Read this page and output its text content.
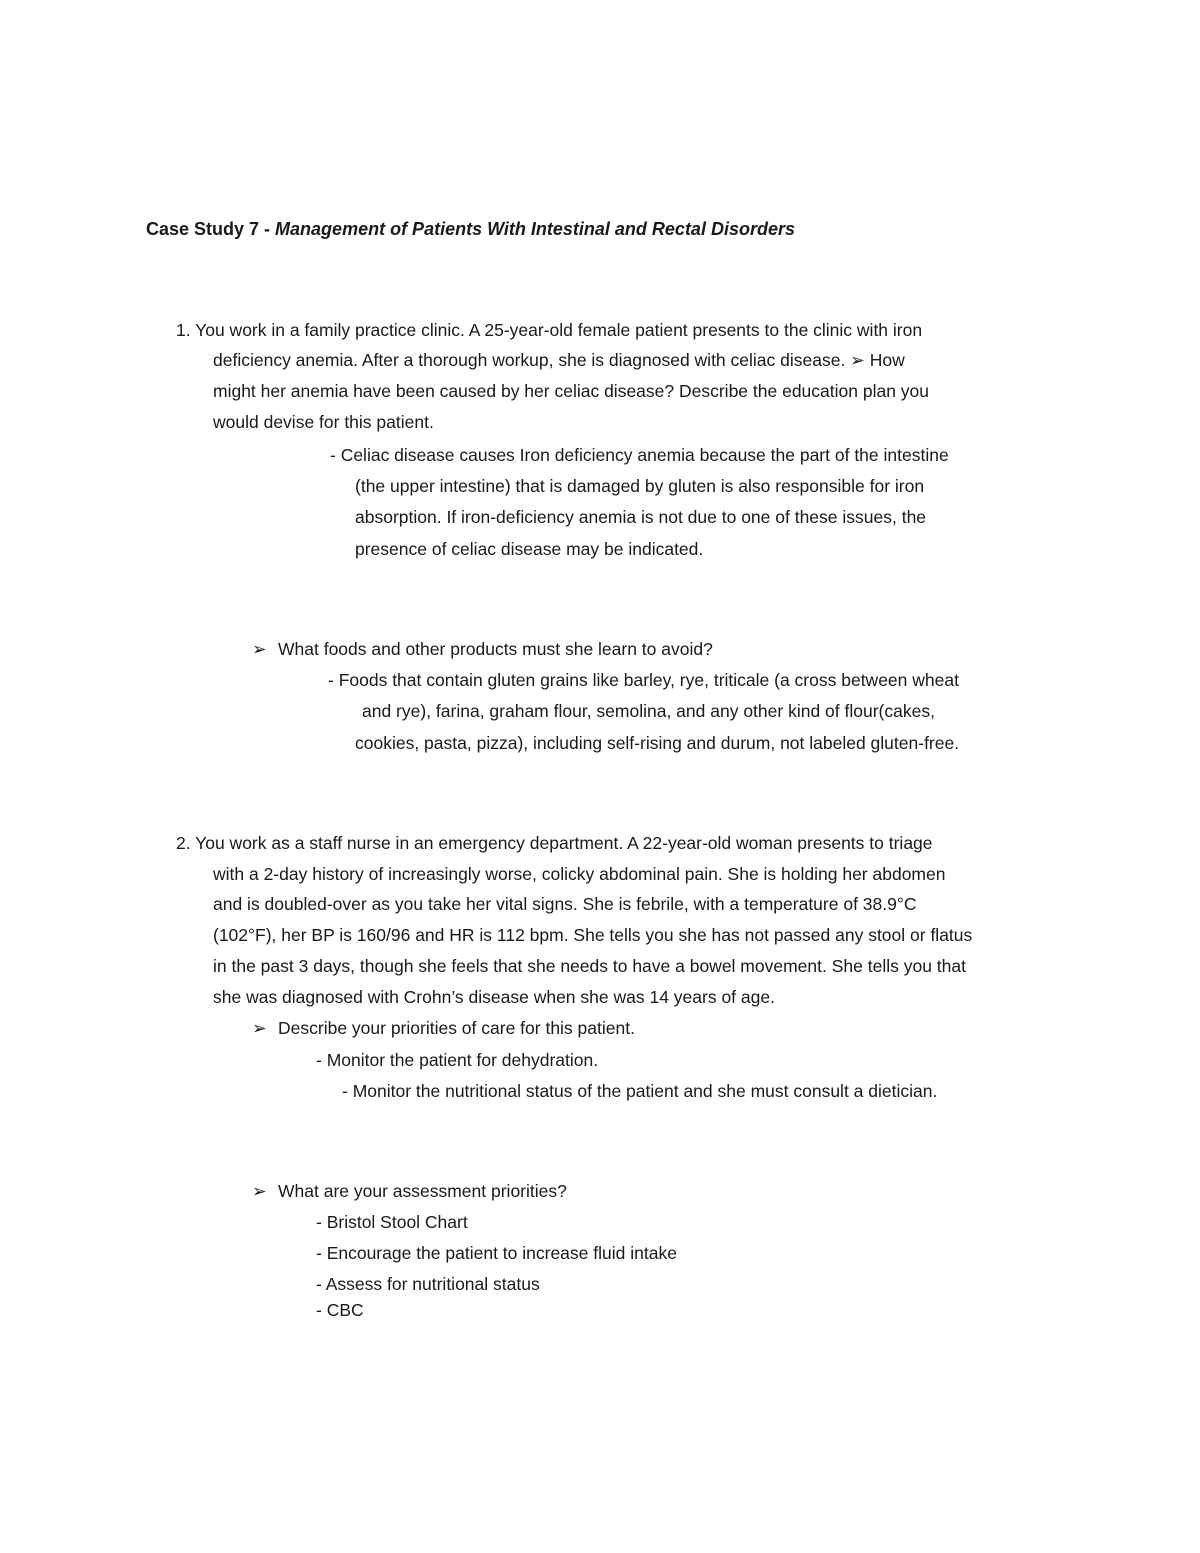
Case Study 7 - Management of Patients With Intestinal and Rectal Disorders
1. You work in a family practice clinic. A 25-year-old female patient presents to the clinic with iron
deficiency anemia. After a thorough workup, she is diagnosed with celiac disease. ➢ How
might her anemia have been caused by her celiac disease? Describe the education plan you
would devise for this patient.
- Celiac disease causes Iron deficiency anemia because the part of the intestine
(the upper intestine) that is damaged by gluten is also responsible for iron
absorption. If iron-deficiency anemia is not due to one of these issues, the
presence of celiac disease may be indicated.
➢ What foods and other products must she learn to avoid?
- Foods that contain gluten grains like barley, rye, triticale (a cross between wheat
and rye), farina, graham flour, semolina, and any other kind of flour(cakes,
cookies, pasta, pizza), including self-rising and durum, not labeled gluten-free.
2. You work as a staff nurse in an emergency department. A 22-year-old woman presents to triage
with a 2-day history of increasingly worse, colicky abdominal pain. She is holding her abdomen
and is doubled-over as you take her vital signs. She is febrile, with a temperature of 38.9°C
(102°F), her BP is 160/96 and HR is 112 bpm. She tells you she has not passed any stool or flatus
in the past 3 days, though she feels that she needs to have a bowel movement. She tells you that
she was diagnosed with Crohn’s disease when she was 14 years of age.
➢ Describe your priorities of care for this patient.
- Monitor the patient for dehydration.
- Monitor the nutritional status of the patient and she must consult a dietician.
➢ What are your assessment priorities?
- Bristol Stool Chart
- Encourage the patient to increase fluid intake
- Assess for nutritional status
- CBC
